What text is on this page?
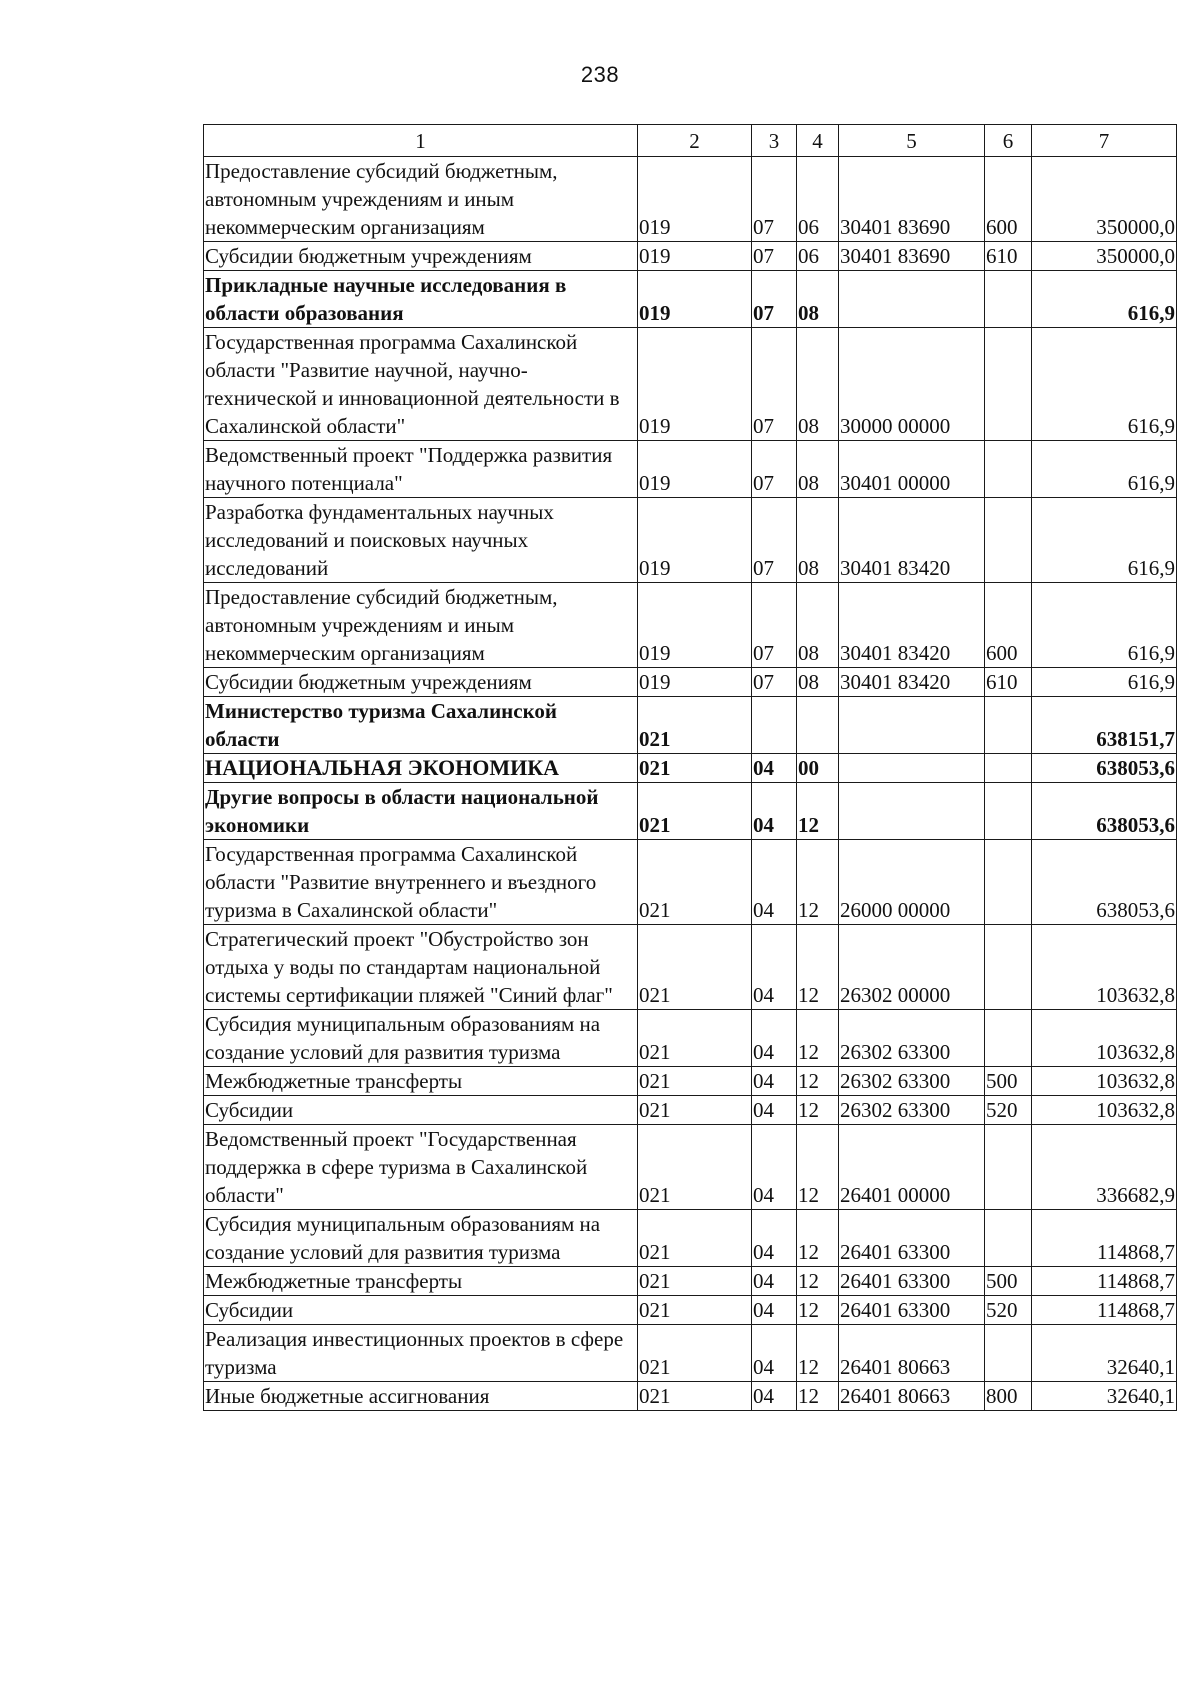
238
1	2	3	4	5	6	7
Предоставление субсидий бюджетным, автономным учреждениям и иным некоммерческим организациям	019	07	06	30401 83690	600	350000,0
Субсидии бюджетным учреждениям	019	07	06	30401 83690	610	350000,0
Прикладные научные исследования в области образования	019	07	08			616,9
Государственная программа Сахалинской области "Развитие научной, научно-технической и инновационной деятельности в Сахалинской области"	019	07	08	30000 00000		616,9
Ведомственный проект "Поддержка развития научного потенциала"	019	07	08	30401 00000		616,9
Разработка фундаментальных научных исследований и поисковых научных исследований	019	07	08	30401 83420		616,9
Предоставление субсидий бюджетным, автономным учреждениям и иным некоммерческим организациям	019	07	08	30401 83420	600	616,9
Субсидии бюджетным учреждениям	019	07	08	30401 83420	610	616,9
Министерство туризма Сахалинской области	021					638151,7
НАЦИОНАЛЬНАЯ ЭКОНОМИКА	021	04	00			638053,6
Другие вопросы в области национальной экономики	021	04	12			638053,6
Государственная программа Сахалинской области "Развитие внутреннего и въездного туризма в Сахалинской области"	021	04	12	26000 00000		638053,6
Стратегический проект "Обустройство зон отдыха у воды по стандартам национальной системы сертификации пляжей "Синий флаг"	021	04	12	26302 00000		103632,8
Субсидия муниципальным образованиям на создание условий для развития туризма	021	04	12	26302 63300		103632,8
Межбюджетные трансферты	021	04	12	26302 63300	500	103632,8
Субсидии	021	04	12	26302 63300	520	103632,8
Ведомственный проект "Государственная поддержка в сфере туризма в Сахалинской области"	021	04	12	26401 00000		336682,9
Субсидия муниципальным образованиям на создание условий для развития туризма	021	04	12	26401 63300		114868,7
Межбюджетные трансферты	021	04	12	26401 63300	500	114868,7
Субсидии	021	04	12	26401 63300	520	114868,7
Реализация инвестиционных проектов в сфере туризма	021	04	12	26401 80663		32640,1
Иные бюджетные ассигнования	021	04	12	26401 80663	800	32640,1
